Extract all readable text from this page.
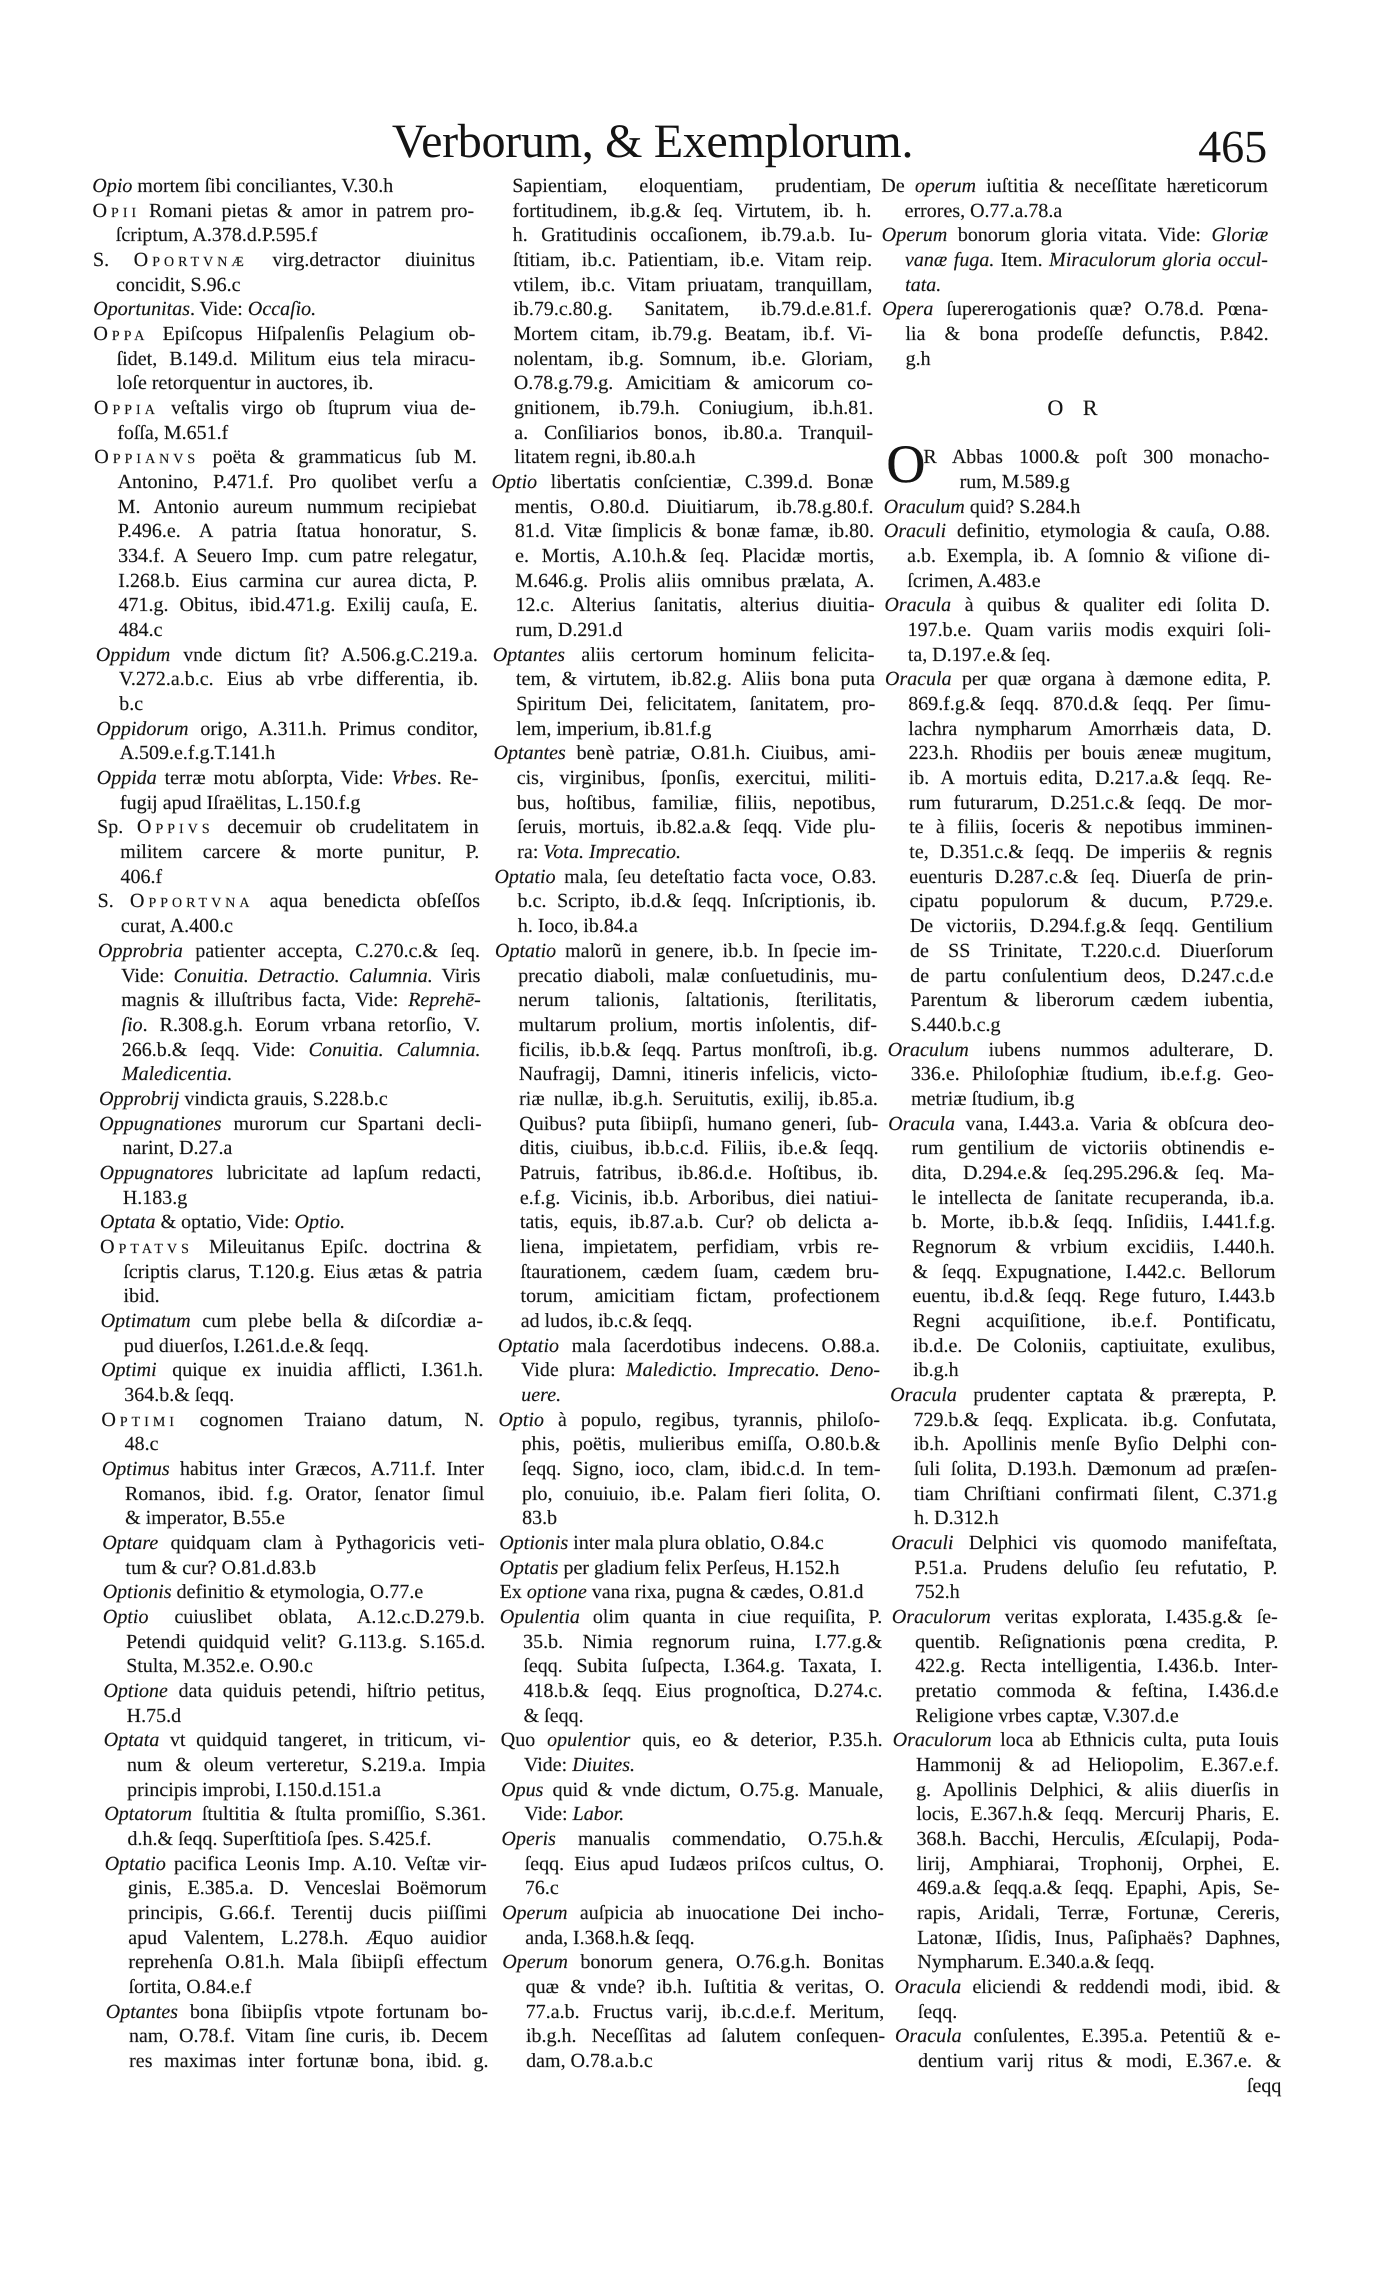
Verborum, & Exemplorum.	465
Opio mortem ſibi conciliantes, V.30.h
Opii Romani pietas & amor in patrem pro-
ſcriptum, A.378.d.P.595.f
S. Oportvnæ virg.detractor diuinitus
concidit, S.96.c
Oportunitas. Vide: Occaſio.
Oppa Epiſcopus Hiſpalenſis Pelagium ob-
ſidet, B.149.d. Militum eius tela miracu-
loſe retorquentur in auctores, ib.
Oppia veſtalis virgo ob ſtuprum viua de-
foſſa, M.651.f
Oppianvs poëta & grammaticus ſub M.
Antonino, P.471.f. Pro quolibet verſu a
M. Antonio aureum nummum recipiebat
P.496.e. A patria ſtatua honoratur, S.
334.f. A Seuero Imp. cum patre relegatur,
I.268.b. Eius carmina cur aurea dicta, P.
471.g. Obitus, ibid.471.g. Exilij cauſa, E.
484.c
Oppidum vnde dictum ſit? A.506.g.C.219.a.
V.272.a.b.c. Eius ab vrbe differentia, ib.
b.c
Oppidorum origo, A.311.h. Primus conditor,
A.509.e.f.g.T.141.h
Oppida terræ motu abſorpta, Vide: Vrbes. Re-
fugij apud Iſraëlitas, L.150.f.g
Sp. Oppivs decemuir ob crudelitatem in
militem carcere & morte punitur, P.
406.f
S. Opportvna aqua benedicta obſeſſos
curat, A.400.c
Opprobria patienter accepta, C.270.c.& ſeq.
Vide: Conuitia. Detractio. Calumnia. Viris
magnis & illuſtribus facta, Vide: Reprehē-
ſio. R.308.g.h. Eorum vrbana retorſio, V.
266.b.& ſeqq. Vide: Conuitia. Calumnia.
Maledicentia.
Opprobrij vindicta grauis, S.228.b.c
Oppugnationes murorum cur Spartani decli-
narint, D.27.a
Oppugnatores lubricitate ad lapſum redacti,
H.183.g
Optata & optatio, Vide: Optio.
Optatvs Mileuitanus Epiſc. doctrina &
ſcriptis clarus, T.120.g. Eius ætas & patria
ibid.
Optimatum cum plebe bella & diſcordiæ a-
pud diuerſos, I.261.d.e.& ſeqq.
Optimi quique ex inuidia afflicti, I.361.h.
364.b.& ſeqq.
Optimi cognomen Traiano datum, N.
48.c
Optimus habitus inter Græcos, A.711.f. Inter
Romanos, ibid. f.g. Orator, ſenator ſimul
& imperator, B.55.e
Optare quidquam clam à Pythagoricis veti-
tum & cur? O.81.d.83.b
Optionis definitio & etymologia, O.77.e
Optio cuiuslibet oblata, A.12.c.D.279.b.
Petendi quidquid velit? G.113.g. S.165.d.
Stulta, M.352.e. O.90.c
Optione data quiduis petendi, hiſtrio petitus,
H.75.d
Optata vt quidquid tangeret, in triticum, vi-
num & oleum verteretur, S.219.a. Impia
principis improbi, I.150.d.151.a
Optatorum ſtultitia & ſtulta promiſſio, S.361.
d.h.& ſeqq. Superſtitioſa ſpes. S.425.f.
Optatio pacifica Leonis Imp. A.10. Veſtæ vir-
ginis, E.385.a. D. Venceslai Boëmorum
principis, G.66.f. Terentij ducis piiſſimi
apud Valentem, L.278.h. Æquo auidior
reprehenſa O.81.h. Mala ſibiipſi effectum
ſortita, O.84.e.f
Optantes bona ſibiipſis vtpote fortunam bo-
nam, O.78.f. Vitam ſine curis, ib. Decem
res maximas inter fortunæ bona, ibid. g.
Sapientiam, eloquentiam, prudentiam,
fortitudinem, ib.g.& ſeq. Virtutem, ib. h.
h. Gratitudinis occaſionem, ib.79.a.b. Iu-
ſtitiam, ib.c. Patientiam, ib.e. Vitam reip.
vtilem, ib.c. Vitam priuatam, tranquillam,
ib.79.c.80.g. Sanitatem, ib.79.d.e.81.f.
Mortem citam, ib.79.g. Beatam, ib.f. Vi-
nolentam, ib.g. Somnum, ib.e. Gloriam,
O.78.g.79.g. Amicitiam & amicorum co-
gnitionem, ib.79.h. Coniugium, ib.h.81.
a. Conſiliarios bonos, ib.80.a. Tranquil-
litatem regni, ib.80.a.h
Optio libertatis conſcientiæ, C.399.d. Bonæ
mentis, O.80.d. Diuitiarum, ib.78.g.80.f.
81.d. Vitæ ſimplicis & bonæ famæ, ib.80.
e. Mortis, A.10.h.& ſeq. Placidæ mortis,
M.646.g. Prolis aliis omnibus prælata, A.
12.c. Alterius ſanitatis, alterius diuitia-
rum, D.291.d
Optantes aliis certorum hominum felicita-
tem, & virtutem, ib.82.g. Aliis bona puta
Spiritum Dei, felicitatem, ſanitatem, pro-
lem, imperium, ib.81.f.g
Optantes benè patriæ, O.81.h. Ciuibus, ami-
cis, virginibus, ſponſis, exercitui, militi-
bus, hoſtibus, familiæ, filiis, nepotibus,
ſeruis, mortuis, ib.82.a.& ſeqq. Vide plu-
ra: Vota. Imprecatio.
Optatio mala, ſeu deteſtatio facta voce, O.83.
b.c. Scripto, ib.d.& ſeqq. Inſcriptionis, ib.
h. Ioco, ib.84.a
Optatio malorũ in genere, ib.b. In ſpecie im-
precatio diaboli, malæ conſuetudinis, mu-
nerum talionis, ſaltationis, ſterilitatis,
multarum prolium, mortis inſolentis, dif-
ficilis, ib.b.& ſeqq. Partus monſtroſi, ib.g.
Naufragij, Damni, itineris infelicis, victo-
riæ nullæ, ib.g.h. Seruitutis, exilij, ib.85.a.
Quibus? puta ſibiipſi, humano generi, ſub-
ditis, ciuibus, ib.b.c.d. Filiis, ib.e.& ſeqq.
Patruis, fatribus, ib.86.d.e. Hoſtibus, ib.
e.f.g. Vicinis, ib.b. Arboribus, diei natiui-
tatis, equis, ib.87.a.b. Cur? ob delicta a-
liena, impietatem, perfidiam, vrbis re-
ſtaurationem, cædem ſuam, cædem bru-
torum, amicitiam fictam, profectionem
ad ludos, ib.c.& ſeqq.
Optatio mala ſacerdotibus indecens. O.88.a.
Vide plura: Maledictio. Imprecatio. Deno-
uere.
Optio à populo, regibus, tyrannis, philoſo-
phis, poëtis, mulieribus emiſſa, O.80.b.&
ſeqq. Signo, ioco, clam, ibid.c.d. In tem-
plo, conuiuio, ib.e. Palam fieri ſolita, O.
83.b
Optionis inter mala plura oblatio, O.84.c
Optatis per gladium felix Perſeus, H.152.h
Ex optione vana rixa, pugna & cædes, O.81.d
Opulentia olim quanta in ciue requiſita, P.
35.b. Nimia regnorum ruina, I.77.g.&
ſeqq. Subita ſuſpecta, I.364.g. Taxata, I.
418.b.& ſeqq. Eius prognoſtica, D.274.c.
& ſeqq.
Quo opulentior quis, eo & deterior, P.35.h.
Vide: Diuites.
Opus quid & vnde dictum, O.75.g. Manuale,
Vide: Labor.
Operis manualis commendatio, O.75.h.&
ſeqq. Eius apud Iudæos priſcos cultus, O.
76.c
Operum auſpicia ab inuocatione Dei incho-
anda, I.368.h.& ſeqq.
Operum bonorum genera, O.76.g.h. Bonitas
quæ & vnde? ib.h. Iuſtitia & veritas, O.
77.a.b. Fructus varij, ib.c.d.e.f. Meritum,
ib.g.h. Neceſſitas ad ſalutem conſequen-
dam, O.78.a.b.c
De operum iuſtitia & neceſſitate hæreticorum
errores, O.77.a.78.a
Operum bonorum gloria vitata. Vide: Gloriæ
vanæ fuga. Item. Miraculorum gloria occul-
tata.
Opera ſupererogationis quæ? O.78.d. Pœna-
lia & bona prodeſſe defunctis, P.842.
g.h
O R
O
R Abbas 1000.& poſt 300 monacho-
rum, M.589.g
Oraculum quid? S.284.h
Oraculi definitio, etymologia & cauſa, O.88.
a.b. Exempla, ib. A ſomnio & viſione di-
ſcrimen, A.483.e
Oracula à quibus & qualiter edi ſolita D.
197.b.e. Quam variis modis exquiri ſoli-
ta, D.197.e.& ſeq.
Oracula per quæ organa à dæmone edita, P.
869.f.g.& ſeqq. 870.d.& ſeqq. Per ſimu-
lachra nympharum Amorrhæis data, D.
223.h. Rhodiis per bouis æneæ mugitum,
ib. A mortuis edita, D.217.a.& ſeqq. Re-
rum futurarum, D.251.c.& ſeqq. De mor-
te à filiis, ſoceris & nepotibus imminen-
te, D.351.c.& ſeqq. De imperiis & regnis
euenturis D.287.c.& ſeq. Diuerſa de prin-
cipatu populorum & ducum, P.729.e.
De victoriis, D.294.f.g.& ſeqq. Gentilium
de SS Trinitate, T.220.c.d. Diuerſorum
de partu conſulentium deos, D.247.c.d.e
Parentum & liberorum cædem iubentia,
S.440.b.c.g
Oraculum iubens nummos adulterare, D.
336.e. Philoſophiæ ſtudium, ib.e.f.g. Geo-
metriæ ſtudium, ib.g
Oracula vana, I.443.a. Varia & obſcura deo-
rum gentilium de victoriis obtinendis e-
dita, D.294.e.& ſeq.295.296.& ſeq. Ma-
le intellecta de ſanitate recuperanda, ib.a.
b. Morte, ib.b.& ſeqq. Inſidiis, I.441.f.g.
Regnorum & vrbium excidiis, I.440.h.
& ſeqq. Expugnatione, I.442.c. Bellorum
euentu, ib.d.& ſeqq. Rege futuro, I.443.b
Regni acquiſitione, ib.e.f. Pontificatu,
ib.d.e. De Coloniis, captiuitate, exulibus,
ib.g.h
Oracula prudenter captata & prærepta, P.
729.b.& ſeqq. Explicata. ib.g. Confutata,
ib.h. Apollinis menſe Byſio Delphi con-
ſuli ſolita, D.193.h. Dæmonum ad præſen-
tiam Chriſtiani confirmati ſilent, C.371.g
h. D.312.h
Oraculi Delphici vis quomodo manifeſtata,
P.51.a. Prudens deluſio ſeu refutatio, P.
752.h
Oraculorum veritas explorata, I.435.g.& ſe-
quentib. Reſignationis pœna credita, P.
422.g. Recta intelligentia, I.436.b. Inter-
pretatio commoda & feſtina, I.436.d.e
Religione vrbes captæ, V.307.d.e
Oraculorum loca ab Ethnicis culta, puta Iouis
Hammonij & ad Heliopolim, E.367.e.f.
g. Apollinis Delphici, & aliis diuerſis in
locis, E.367.h.& ſeqq. Mercurij Pharis, E.
368.h. Bacchi, Herculis, Æſculapij, Poda-
lirij, Amphiarai, Trophonij, Orphei, E.
469.a.& ſeqq.a.& ſeqq. Epaphi, Apis, Se-
rapis, Aridali, Terræ, Fortunæ, Cereris,
Latonæ, Iſidis, Inus, Paſiphaës? Daphnes,
Nympharum. E.340.a.& ſeqq.
Oracula eliciendi & reddendi modi, ibid. &
ſeqq.
Oracula conſulentes, E.395.a. Petentiũ & e-
dentium varij ritus & modi, E.367.e. &
ſeqq
